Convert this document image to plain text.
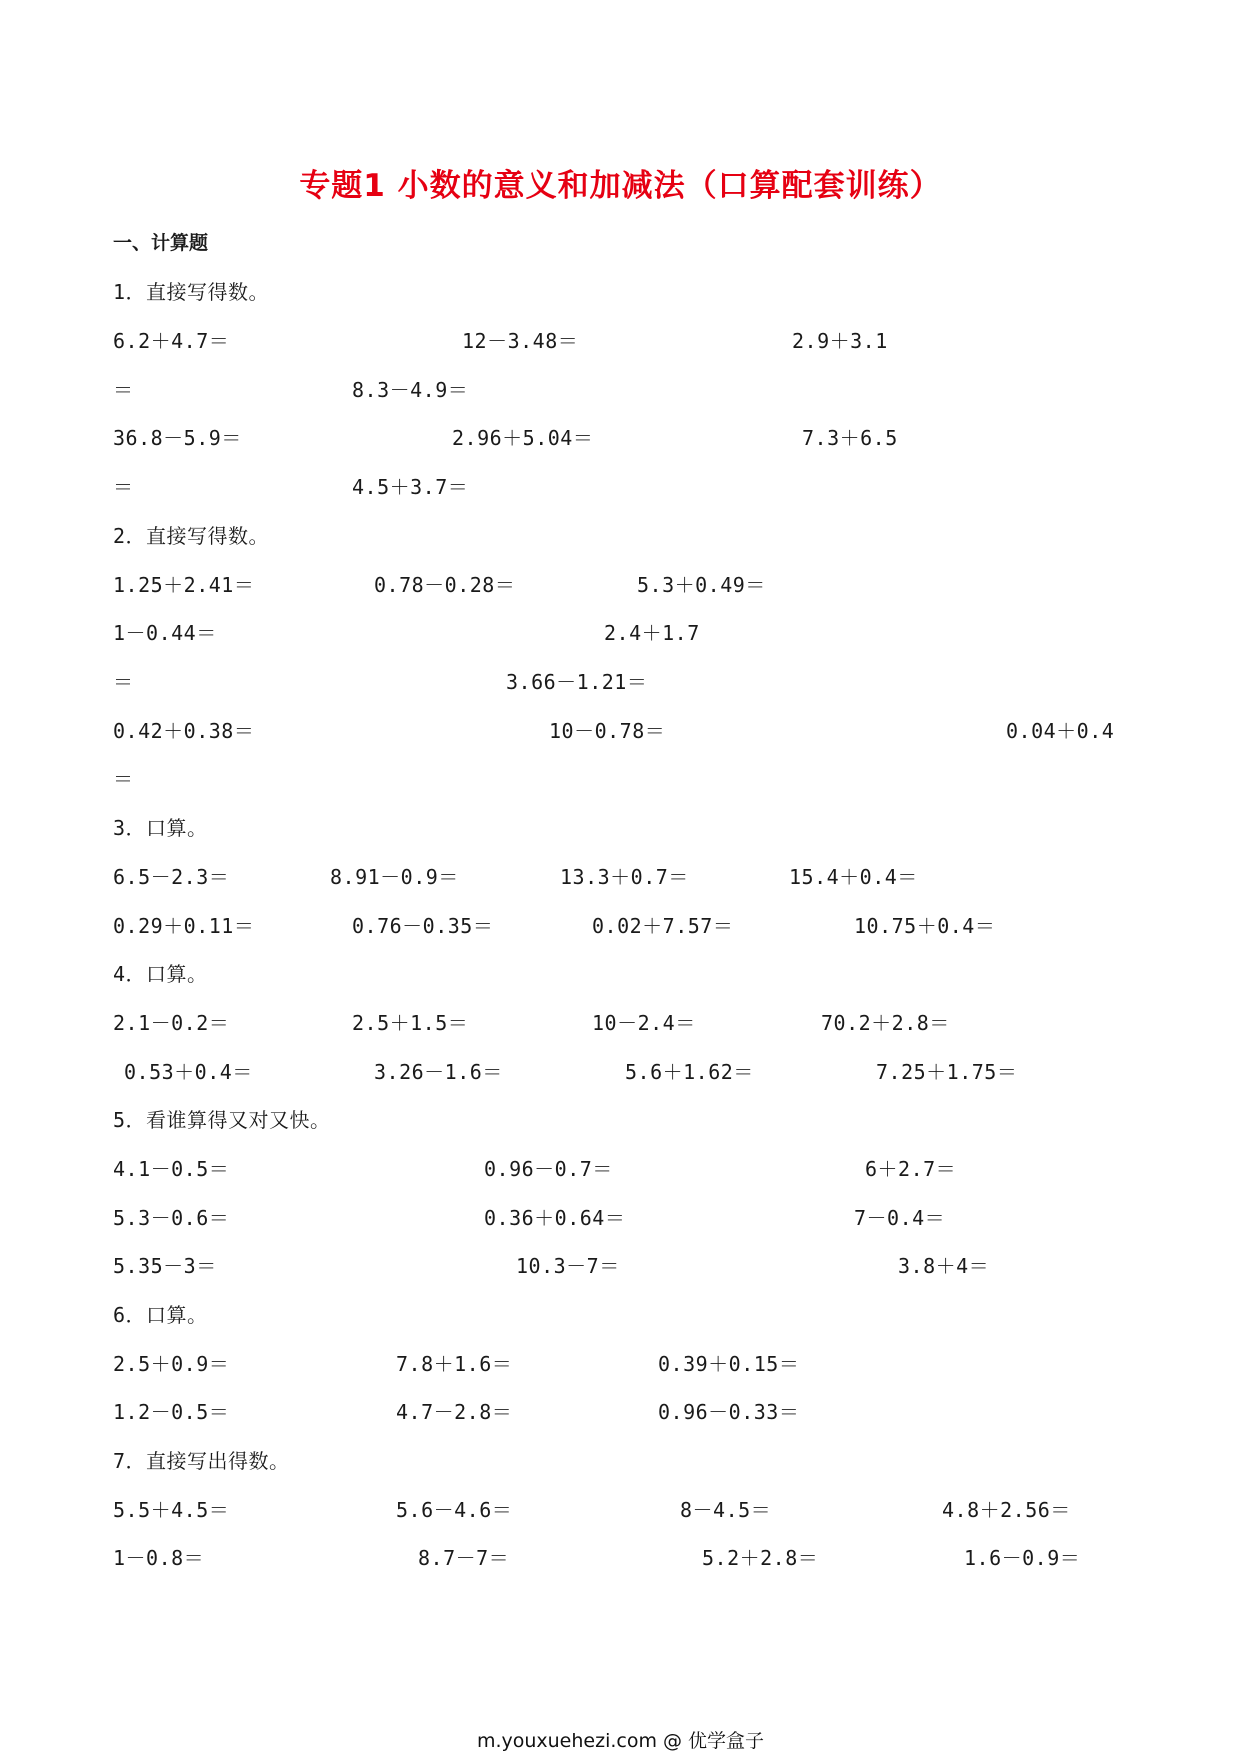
专题1 小数的意义和加减法（口算配套训练）
一、计算题
1．直接写得数。
6.2＋4.7＝	12－3.48＝	2.9＋3.1
＝	8.3－4.9＝
36.8－5.9＝	2.96＋5.04＝	7.3＋6.5
＝	4.5＋3.7＝
2．直接写得数。
1.25＋2.41＝	0.78－0.28＝	5.3＋0.49＝
1－0.44＝	2.4＋1.7
＝	3.66－1.21＝
0.42＋0.38＝	10－0.78＝	0.04＋0.4
＝
3．口算。
6.5－2.3＝	8.91－0.9＝	13.3＋0.7＝	15.4＋0.4＝
0.29＋0.11＝	0.76－0.35＝	0.02＋7.57＝	10.75＋0.4＝
4．口算。
2.1－0.2＝	2.5＋1.5＝	10－2.4＝	70.2＋2.8＝
0.53＋0.4＝	3.26－1.6＝	5.6＋1.62＝	7.25＋1.75＝
5．看谁算得又对又快。
4.1－0.5＝	0.96－0.7＝	6＋2.7＝
5.3－0.6＝	0.36＋0.64＝	7－0.4＝
5.35－3＝	10.3－7＝	3.8＋4＝
6．口算。
2.5＋0.9＝	7.8＋1.6＝	0.39＋0.15＝
1.2－0.5＝	4.7－2.8＝	0.96－0.33＝
7．直接写出得数。
5.5＋4.5＝	5.6－4.6＝	8－4.5＝	4.8＋2.56＝
1－0.8＝	8.7－7＝	5.2＋2.8＝	1.6－0.9＝
m.youxuehezi.com @ 优学盒子
